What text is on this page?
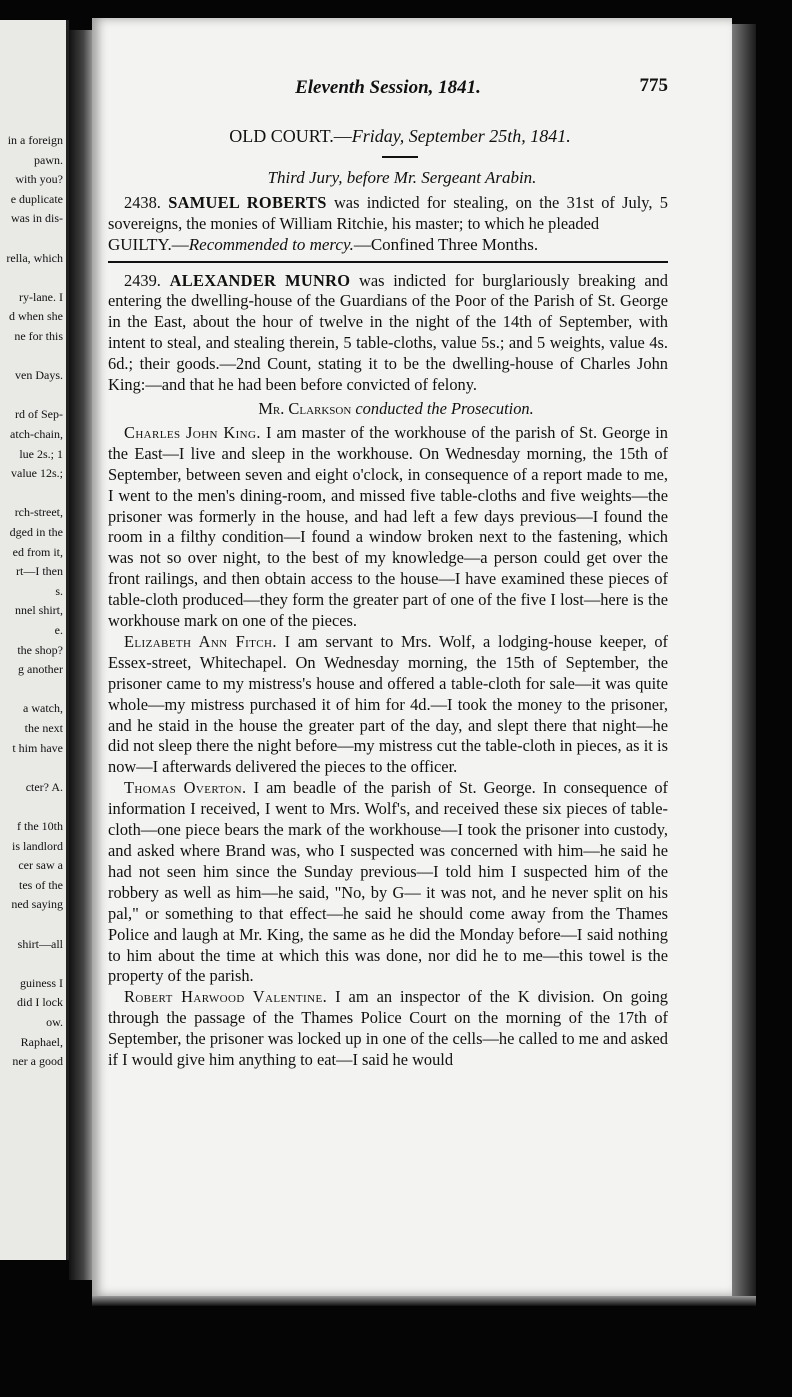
in a foreign
pawn.
with you?
e duplicate
was in dis-
rella, which
ry-lane. I
d when she
ne for this
ven Days.
rd of Sep-
atch-chain,
lue 2s.; 1
value 12s.;
rch-street,
dged in the
ed from it,
rt—I then
s.
nnel shirt,
e.
the shop?
g another
a watch,
the next
t him have
cter? A.
f the 10th
is landlord
cer saw a
tes of the
ned saying
shirt—all
guiness I
did I lock
ow.
Raphael,
ner a good
Eleventh Session, 1841.	775
OLD COURT.—Friday, September 25th, 1841.
Third Jury, before Mr. Sergeant Arabin.

2438. SAMUEL ROBERTS was indicted for stealing, on the 31st of July, 5 sovereigns, the monies of William Ritchie, his master; to which he pleaded

GUILTY.—Recommended to mercy.—Confined Three Months.

2439. ALEXANDER MUNRO was indicted for burglariously breaking and entering the dwelling-house of the Guardians of the Poor of the Parish of St. George in the East, about the hour of twelve in the night of the 14th of September, with intent to steal, and stealing therein, 5 table-cloths, value 5s.; and 5 weights, value 4s. 6d.; their goods.—2nd Count, stating it to be the dwelling-house of Charles John King:—and that he had been before convicted of felony.

Mr. Clarkson conducted the Prosecution.

Charles John King. I am master of the workhouse of the parish of St. George in the East—I live and sleep in the workhouse. On Wednesday morning, the 15th of September, between seven and eight o'clock, in consequence of a report made to me, I went to the men's dining-room, and missed five table-cloths and five weights—the prisoner was formerly in the house, and had left a few days previous—I found the room in a filthy condition—I found a window broken next to the fastening, which was not so over night, to the best of my knowledge—a person could get over the front railings, and then obtain access to the house—I have examined these pieces of table-cloth produced—they form the greater part of one of the five I lost—here is the workhouse mark on one of the pieces.

Elizabeth Ann Fitch. I am servant to Mrs. Wolf, a lodging-house keeper, of Essex-street, Whitechapel. On Wednesday morning, the 15th of September, the prisoner came to my mistress's house and offered a table-cloth for sale—it was quite whole—my mistress purchased it of him for 4d.—I took the money to the prisoner, and he staid in the house the greater part of the day, and slept there that night—he did not sleep there the night before—my mistress cut the table-cloth in pieces, as it is now—I afterwards delivered the pieces to the officer.

Thomas Overton. I am beadle of the parish of St. George. In consequence of information I received, I went to Mrs. Wolf's, and received these six pieces of table-cloth—one piece bears the mark of the workhouse—I took the prisoner into custody, and asked where Brand was, who I suspected was concerned with him—he said he had not seen him since the Sunday previous—I told him I suspected him of the robbery as well as him—he said, "No, by G— it was not, and he never split on his pal," or something to that effect—he said he should come away from the Thames Police and laugh at Mr. King, the same as he did the Monday before—I said nothing to him about the time at which this was done, nor did he to me—this towel is the property of the parish.

Robert Harwood Valentine. I am an inspector of the K division. On going through the passage of the Thames Police Court on the morning of the 17th of September, the prisoner was locked up in one of the cells—he called to me and asked if I would give him anything to eat—I said he would
